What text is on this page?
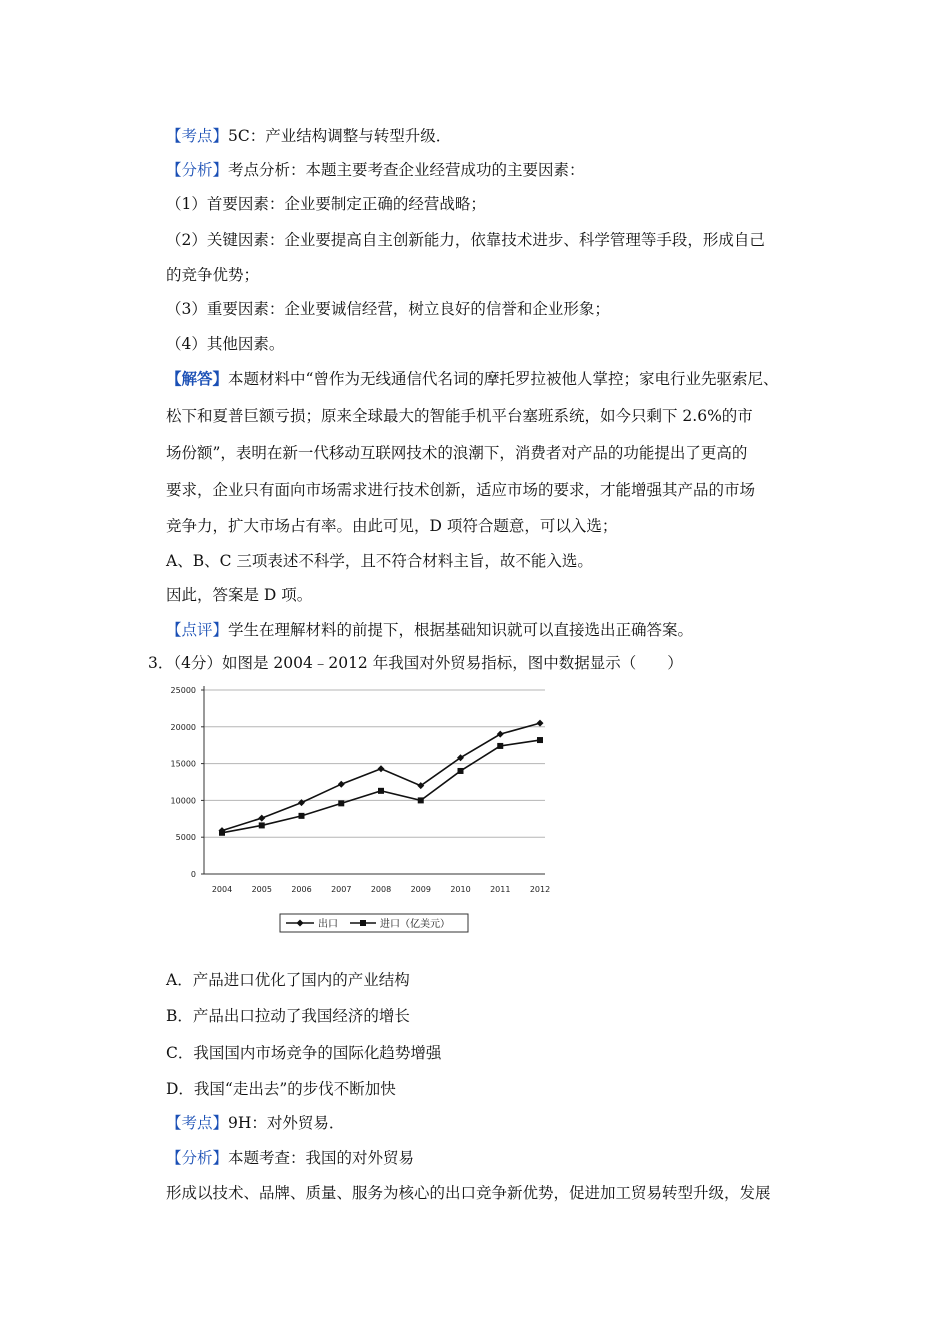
【考点】5C：产业结构调整与转型升级．
【分析】考点分析：本题主要考查企业经营成功的主要因素：
（1）首要因素：企业要制定正确的经营战略；
（2）关键因素：企业要提高自主创新能力，依靠技术进步、科学管理等手段，形成自己
的竞争优势；
（3）重要因素：企业要诚信经营，树立良好的信誉和企业形象；
（4）其他因素。
【解答】本题材料中“曾作为无线通信代名词的摩托罗拉被他人掌控；家电行业先驱索尼、
松下和夏普巨额亏损；原来全球最大的智能手机平台塞班系统，如今只剩下 2.6%的市
场份额”，表明在新一代移动互联网技术的浪潮下，消费者对产品的功能提出了更高的
要求，企业只有面向市场需求进行技术创新，适应市场的要求，才能增强其产品的市场
竞争力，扩大市场占有率。由此可见，D 项符合题意，可以入选；
A、B、C 三项表述不科学，且不符合材料主旨，故不能入选。
因此，答案是 D 项。
【点评】学生在理解材料的前提下，根据基础知识就可以直接选出正确答案。
3．（4分）如图是 2004﹣2012 年我国对外贸易指标，图中数据显示（　　）
0
5000
10000
15000
20000
25000
2004 2005 2006 2007 2008 2009 2010 2011 2012
出口	进口（亿美元）
A．产品进口优化了国内的产业结构
B．产品出口拉动了我国经济的增长
C．我国国内市场竞争的国际化趋势增强
D．我国“走出去”的步伐不断加快
【考点】9H：对外贸易．
【分析】本题考查：我国的对外贸易
形成以技术、品牌、质量、服务为核心的出口竞争新优势，促进加工贸易转型升级，发展
